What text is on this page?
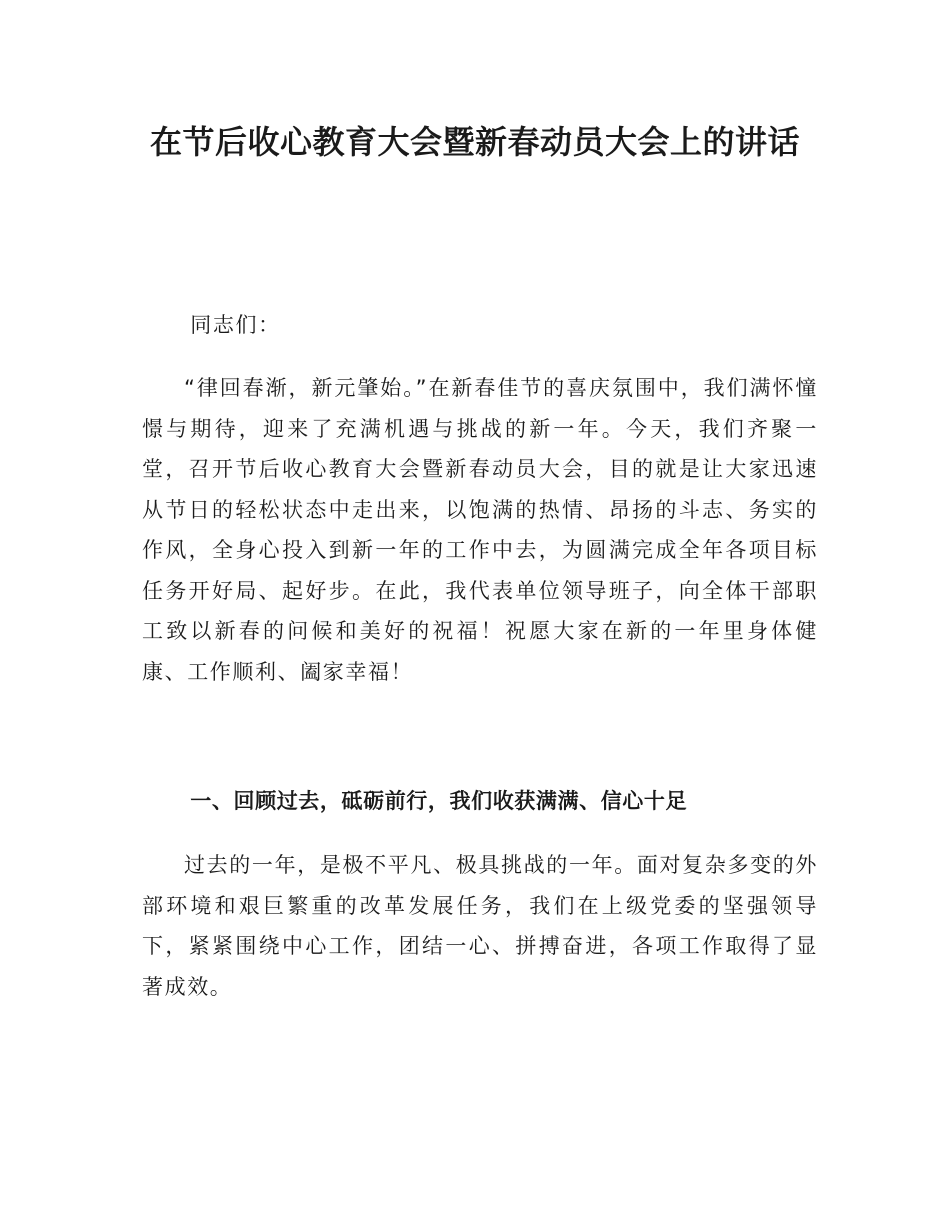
在节后收心教育大会暨新春动员大会上的讲话

同志们：

“律回春渐，新元肇始。”在新春佳节的喜庆氛围中，我们满怀憧憬与期待，迎来了充满机遇与挑战的新一年。今天，我们齐聚一堂，召开节后收心教育大会暨新春动员大会，目的就是让大家迅速从节日的轻松状态中走出来，以饱满的热情、昂扬的斗志、务实的作风，全身心投入到新一年的工作中去，为圆满完成全年各项目标任务开好局、起好步。在此，我代表单位领导班子，向全体干部职工致以新春的问候和美好的祝福！祝愿大家在新的一年里身体健康、工作顺利、阖家幸福！

一、回顾过去，砥砺前行，我们收获满满、信心十足

过去的一年，是极不平凡、极具挑战的一年。面对复杂多变的外部环境和艰巨繁重的改革发展任务，我们在上级党委的坚强领导下，紧紧围绕中心工作，团结一心、拼搏奋进，各项工作取得了显著成效。
